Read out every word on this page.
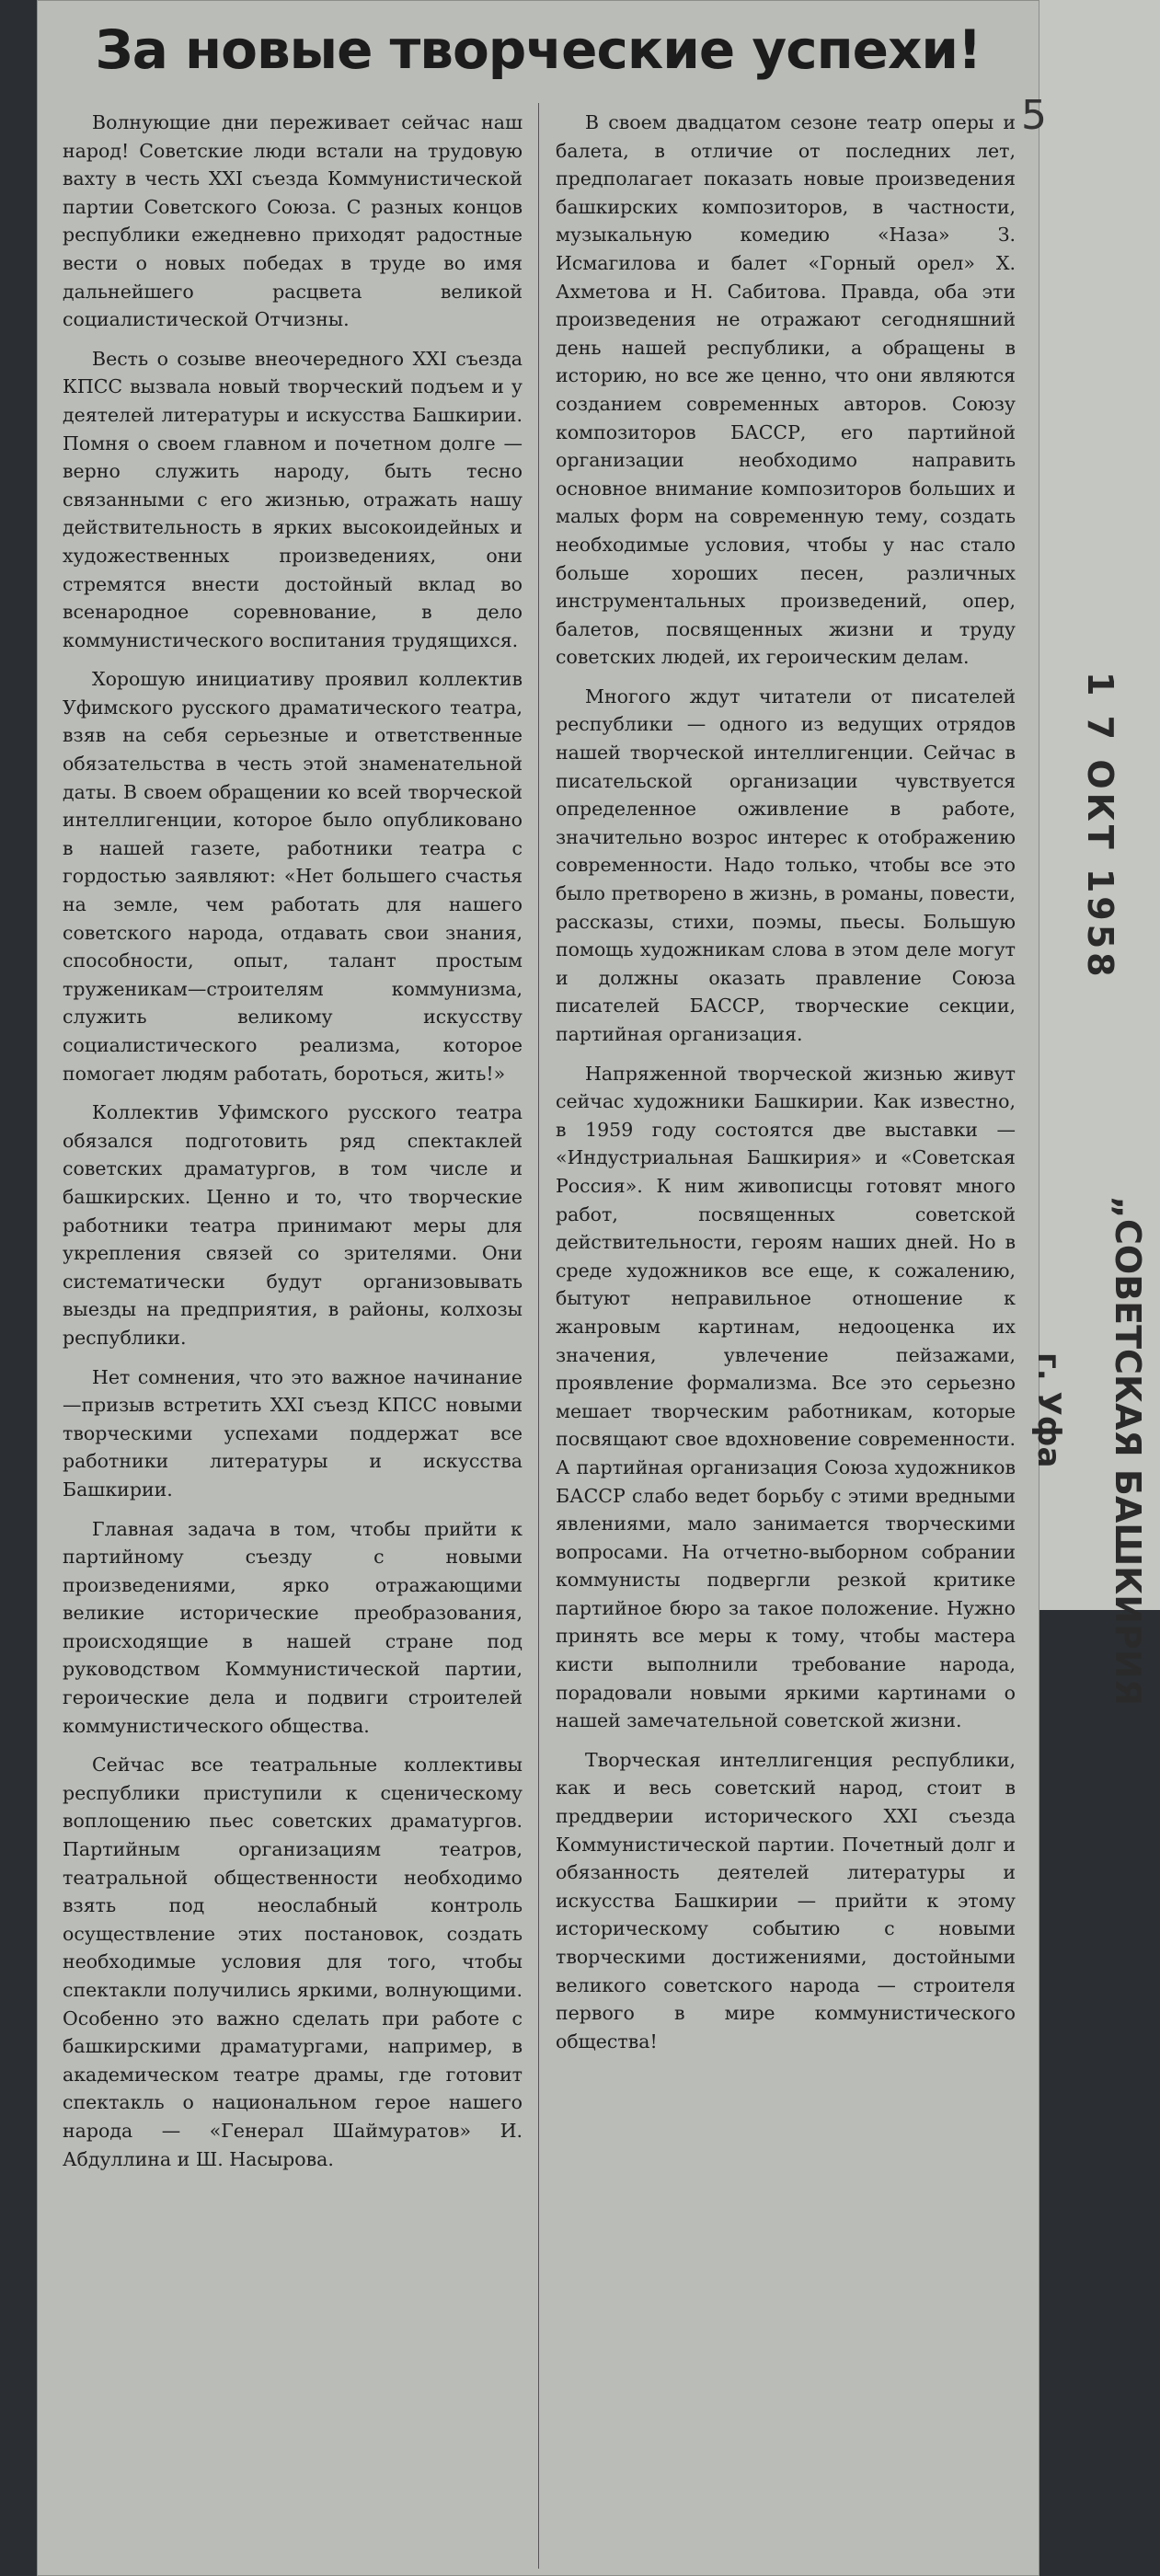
За новые творческие успехи!
5

Волнующие дни переживает сейчас наш народ! Советские люди встали на трудовую вахту в честь XXI съезда Коммунистической партии Советского Союза. С разных концов республики ежедневно приходят радостные вести о новых победах в труде во имя дальнейшего расцвета великой социалистической Отчизны.

Весть о созыве внеочередного XXI съезда КПСС вызвала новый творческий подъем и у деятелей литературы и искусства Башкирии. Помня о своем главном и почетном долге — верно служить народу, быть тесно связанными с его жизнью, отражать нашу действительность в ярких высокоидейных и художественных произведениях, они стремятся внести достойный вклад во всенародное соревнование, в дело коммунистического воспитания трудящихся.

Хорошую инициативу проявил коллектив Уфимского русского драматического театра, взяв на себя серьезные и ответственные обязательства в честь этой знаменательной даты. В своем обращении ко всей творческой интеллигенции, которое было опубликовано в нашей газете, работники театра с гордостью заявляют: «Нет большего счастья на земле, чем работать для нашего советского народа, отдавать свои знания, способности, опыт, талант простым труженикам—строителям коммунизма, служить великому искусству социалистического реализма, которое помогает людям работать, бороться, жить!»

Коллектив Уфимского русского театра обязался подготовить ряд спектаклей советских драматургов, в том числе и башкирских. Ценно и то, что творческие работники театра принимают меры для укрепления связей со зрителями. Они систематически будут организовывать выезды на предприятия, в районы, колхозы республики.

Нет сомнения, что это важное начинание—призыв встретить XXI съезд КПСС новыми творческими успехами поддержат все работники литературы и искусства Башкирии.

Главная задача в том, чтобы прийти к партийному съезду с новыми произведениями, ярко отражающими великие исторические преобразования, происходящие в нашей стране под руководством Коммунистической партии, героические дела и подвиги строителей коммунистического общества.

Сейчас все театральные коллективы республики приступили к сценическому воплощению пьес советских драматургов. Партийным организациям театров, театральной общественности необходимо взять под неослабный контроль осуществление этих постановок, создать необходимые условия для того, чтобы спектакли получились яркими, волнующими. Особенно это важно сделать при работе с башкирскими драматургами, например, в академическом театре драмы, где готовит спектакль о национальном герое нашего народа — «Генерал Шаймуратов» И. Абдуллина и Ш. Насырова.

В своем двадцатом сезоне театр оперы и балета, в отличие от последних лет, предполагает показать новые произведения башкирских композиторов, в частности, музыкальную комедию «Наза» З. Исмагилова и балет «Горный орел» Х. Ахметова и Н. Сабитова. Правда, оба эти произведения не отражают сегодняшний день нашей республики, а обращены в историю, но все же ценно, что они являются созданием современных авторов. Союзу композиторов БАССР, его партийной организации необходимо направить основное внимание композиторов больших и малых форм на современную тему, создать необходимые условия, чтобы у нас стало больше хороших песен, различных инструментальных произведений, опер, балетов, посвященных жизни и труду советских людей, их героическим делам.

Многого ждут читатели от писателей республики — одного из ведущих отрядов нашей творческой интеллигенции. Сейчас в писательской организации чувствуется определенное оживление в работе, значительно возрос интерес к отображению современности. Надо только, чтобы все это было претворено в жизнь, в романы, повести, рассказы, стихи, поэмы, пьесы. Большую помощь художникам слова в этом деле могут и должны оказать правление Союза писателей БАССР, творческие секции, партийная организация.

Напряженной творческой жизнью живут сейчас художники Башкирии. Как известно, в 1959 году состоятся две выставки — «Индустриальная Башкирия» и «Советская Россия». К ним живописцы готовят много работ, посвященных советской действительности, героям наших дней. Но в среде художников все еще, к сожалению, бытуют неправильное отношение к жанровым картинам, недооценка их значения, увлечение пейзажами, проявление формализма. Все это серьезно мешает творческим работникам, которые посвящают свое вдохновение современности. А партийная организация Союза художников БАССР слабо ведет борьбу с этими вредными явлениями, мало занимается творческими вопросами. На отчетно-выборном собрании коммунисты подвергли резкой критике партийное бюро за такое положение. Нужно принять все меры к тому, чтобы мастера кисти выполнили требование народа, порадовали новыми яркими картинами о нашей замечательной советской жизни.

Творческая интеллигенция республики, как и весь советский народ, стоит в преддверии исторического XXI съезда Коммунистической партии. Почетный долг и обязанность деятелей литературы и искусства Башкирии — прийти к этому историческому событию с новыми творческими достижениями, достойными великого советского народа — строителя первого в мире коммунистического общества!

1 7 ОКТ 1958
„СОВЕТСКАЯ БАШКИРИЯ
г. Уфа
